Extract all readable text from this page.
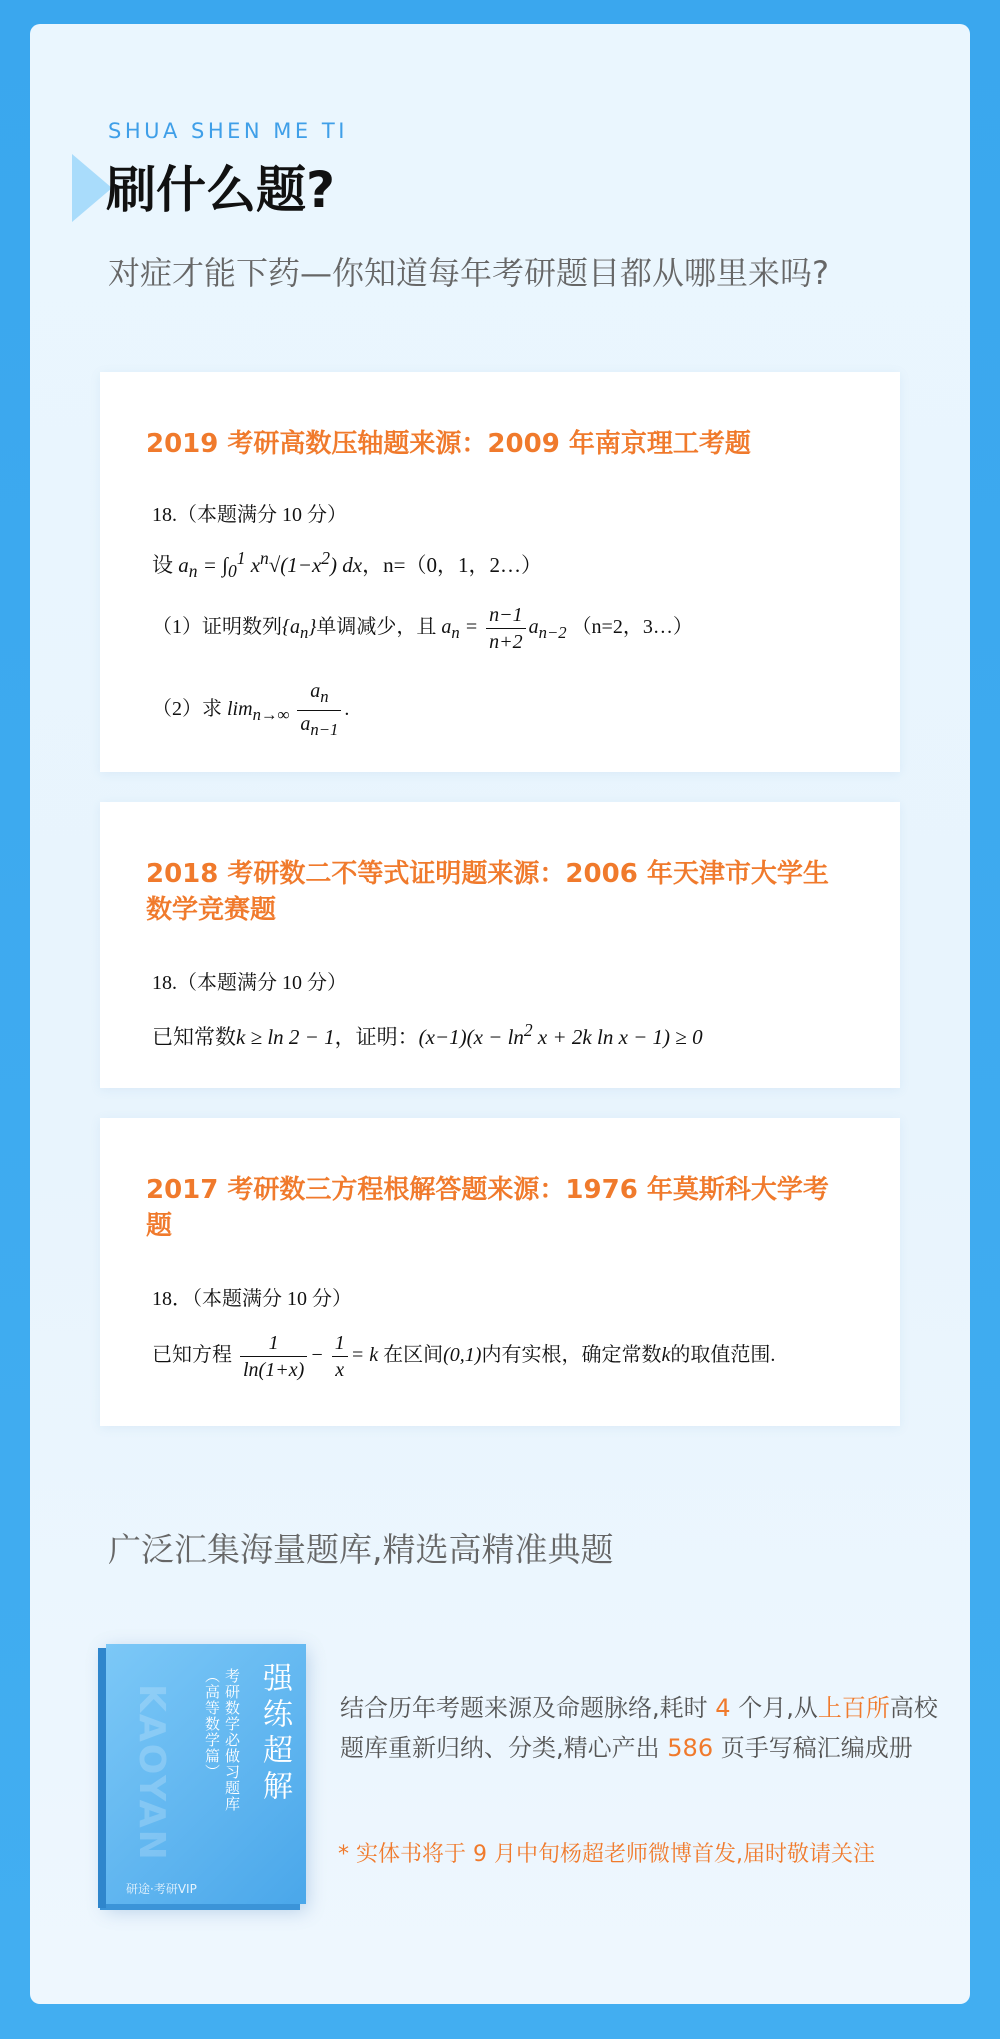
SHUA SHEN ME TI

刷什么题?
对症才能下药—你知道每年考研题目都从哪里来吗?

2019 考研高数压轴题来源：2009 年南京理工考题

18.（本题满分 10 分）

设 $a_n = \int_0^1$ $x^n√(1-x^2)$ dx，n=（0，1，2…）

（1）证明数列$\{a_n\}$单调减少，且 $a_n = \frac{n-1}{n+2} a_{n-2}$ （n=2，3…）

（2）求 $\lim_{n\to\infty} \frac{a_n}{a_{n-1}}$ .

2018 考研数二不等式证明题来源：2006 年天津市大学生数学竞赛题

18.（本题满分 10 分）

已知常数k ≥ ln 2 − 1，证明：$(x-1)(x - \ln^2 x + 2k$ ln x − 1) ≥ 0

2017 考研数三方程根解答题来源：1976 年莫斯科大学考题

18．（本题满分 10 分）

已知方程 $\frac{1}{\ln(1+x)} - \frac{1}{x} = k$ 在区间(0,1)内有实根，确定常数k的取值范围.

广泛汇集海量题库,精选高精准典题
KAOYAN	强练超解
考研数学必做习题库
（高等数学篇）
研途·考研VIP

结合历年考题来源及命题脉络,耗时 4 个月,从上百所高校题库重新归纳、分类,精心产出 586 页手写稿汇编成册

* 实体书将于 9 月中旬杨超老师微博首发,届时敬请关注
